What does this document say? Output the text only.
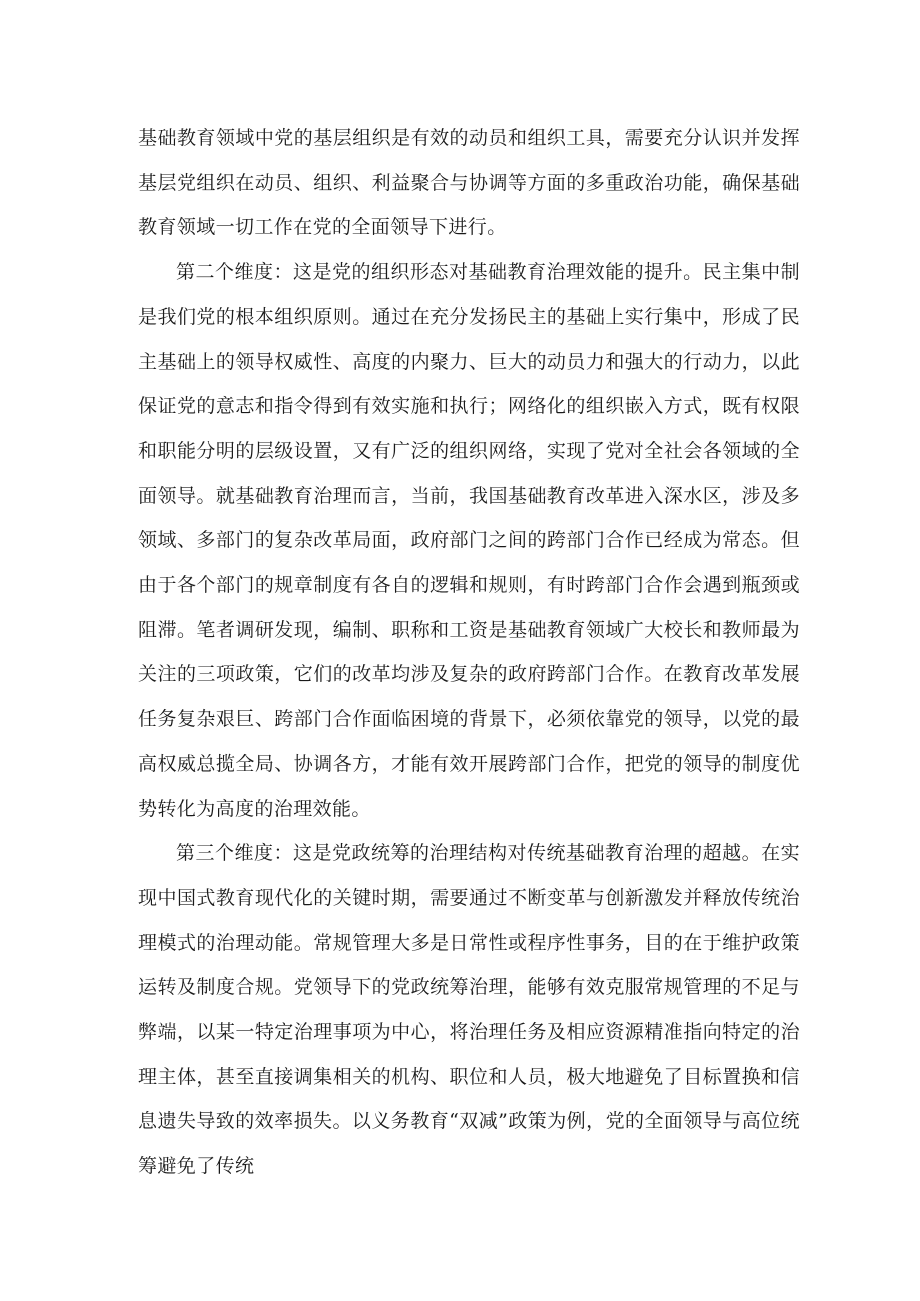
基础教育领域中党的基层组织是有效的动员和组织工具，需要充分认识并发挥基层党组织在动员、组织、利益聚合与协调等方面的多重政治功能，确保基础教育领域一切工作在党的全面领导下进行。

第二个维度：这是党的组织形态对基础教育治理效能的提升。民主集中制是我们党的根本组织原则。通过在充分发扬民主的基础上实行集中，形成了民主基础上的领导权威性、高度的内聚力、巨大的动员力和强大的行动力，以此保证党的意志和指令得到有效实施和执行；网络化的组织嵌入方式，既有权限和职能分明的层级设置，又有广泛的组织网络，实现了党对全社会各领域的全面领导。就基础教育治理而言，当前，我国基础教育改革进入深水区，涉及多领域、多部门的复杂改革局面，政府部门之间的跨部门合作已经成为常态。但由于各个部门的规章制度有各自的逻辑和规则，有时跨部门合作会遇到瓶颈或阻滞。笔者调研发现，编制、职称和工资是基础教育领域广大校长和教师最为关注的三项政策，它们的改革均涉及复杂的政府跨部门合作。在教育改革发展任务复杂艰巨、跨部门合作面临困境的背景下，必须依靠党的领导，以党的最高权威总揽全局、协调各方，才能有效开展跨部门合作，把党的领导的制度优势转化为高度的治理效能。

第三个维度：这是党政统筹的治理结构对传统基础教育治理的超越。在实现中国式教育现代化的关键时期，需要通过不断变革与创新激发并释放传统治理模式的治理动能。常规管理大多是日常性或程序性事务，目的在于维护政策运转及制度合规。党领导下的党政统筹治理，能够有效克服常规管理的不足与弊端，以某一特定治理事项为中心，将治理任务及相应资源精准指向特定的治理主体，甚至直接调集相关的机构、职位和人员，极大地避免了目标置换和信息遗失导致的效率损失。以义务教育“双减”政策为例，党的全面领导与高位统筹避免了传统
